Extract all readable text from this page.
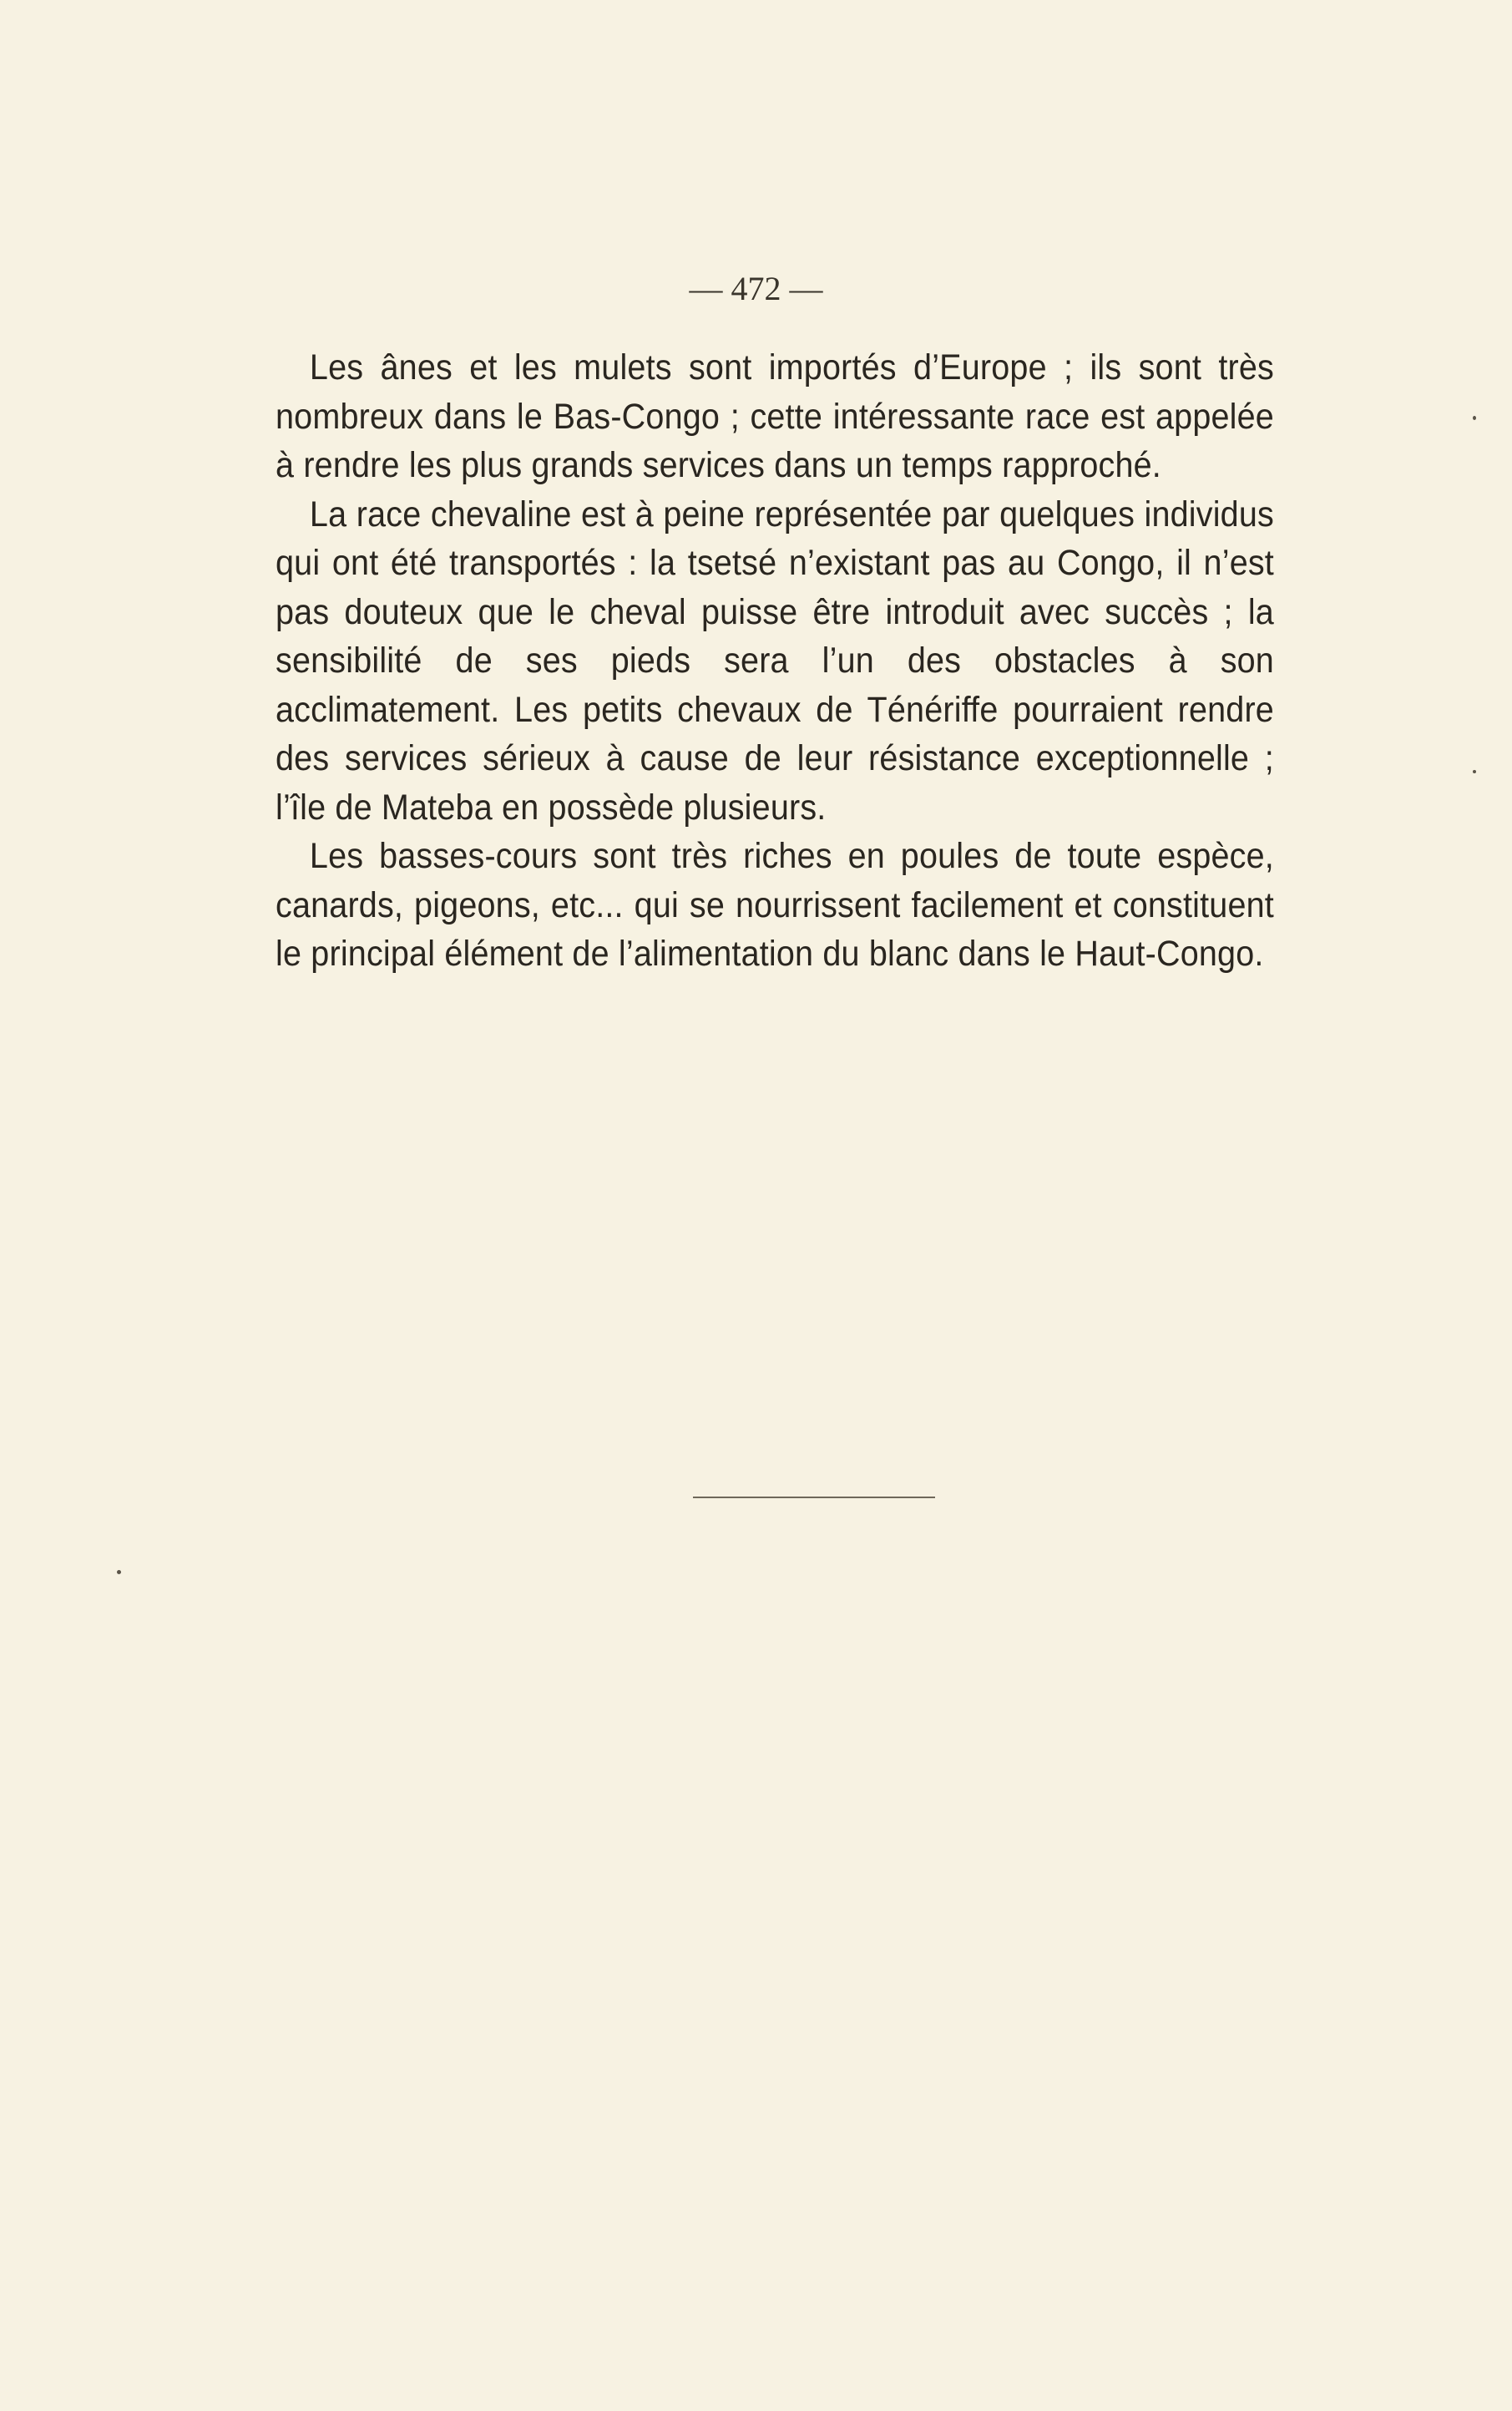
— 472 —

Les ânes et les mulets sont importés d’Europe ; ils sont très nombreux dans le Bas-Congo ; cette intéressante race est appelée à rendre les plus grands services dans un temps rapproché.

La race chevaline est à peine représentée par quelques individus qui ont été transportés : la tsetsé n’existant pas au Congo, il n’est pas douteux que le cheval puisse être introduit avec succès ; la sensibilité de ses pieds sera l’un des obstacles à son acclimatement. Les petits chevaux de Ténériffe pourraient rendre des services sérieux à cause de leur résistance exceptionnelle ; l’île de Mateba en possède plusieurs.

Les basses-cours sont très riches en poules de toute espèce, canards, pigeons, etc... qui se nourrissent facilement et constituent le principal élément de l’alimentation du blanc dans le Haut-Congo.
